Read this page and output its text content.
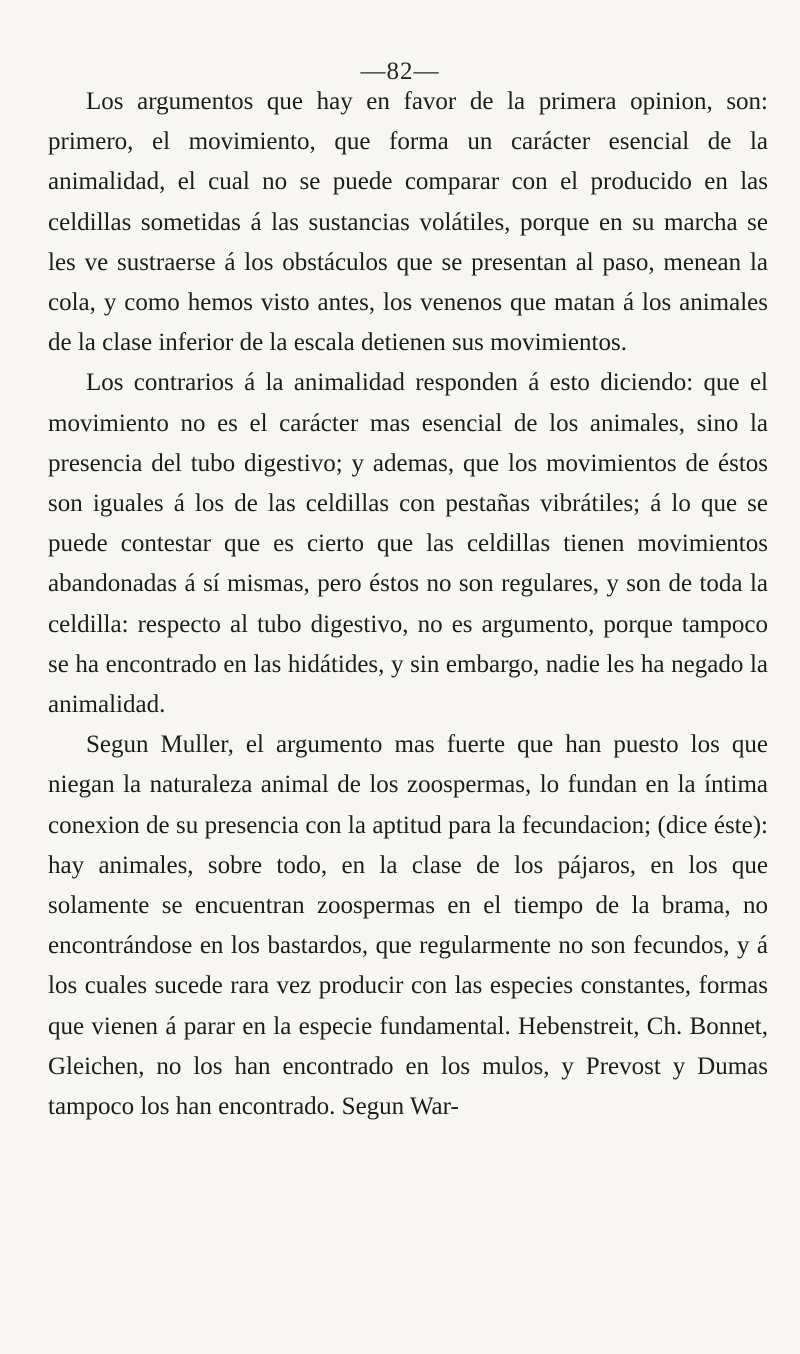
—82—

Los argumentos que hay en favor de la primera opinion, son: primero, el movimiento, que forma un carácter esencial de la animalidad, el cual no se puede comparar con el producido en las celdillas sometidas á las sustancias volátiles, porque en su marcha se les ve sustraerse á los obstáculos que se presentan al paso, menean la cola, y como hemos visto antes, los venenos que matan á los animales de la clase inferior de la escala detienen sus movimientos.

Los contrarios á la animalidad responden á esto diciendo: que el movimiento no es el carácter mas esencial de los animales, sino la presencia del tubo digestivo; y ademas, que los movimientos de éstos son iguales á los de las celdillas con pestañas vibrátiles; á lo que se puede contestar que es cierto que las celdillas tienen movimientos abandonadas á sí mismas, pero éstos no son regulares, y son de toda la celdilla: respecto al tubo digestivo, no es argumento, porque tampoco se ha encontrado en las hidátides, y sin embargo, nadie les ha negado la animalidad.

Segun Muller, el argumento mas fuerte que han puesto los que niegan la naturaleza animal de los zoospermas, lo fundan en la íntima conexion de su presencia con la aptitud para la fecundacion; (dice éste): hay animales, sobre todo, en la clase de los pájaros, en los que solamente se encuentran zoospermas en el tiempo de la brama, no encontrándose en los bastardos, que regularmente no son fecundos, y á los cuales sucede rara vez producir con las especies constantes, formas que vienen á parar en la especie fundamental. Hebenstreit, Ch. Bonnet, Gleichen, no los han encontrado en los mulos, y Prevost y Dumas tampoco los han encontrado. Segun War-
